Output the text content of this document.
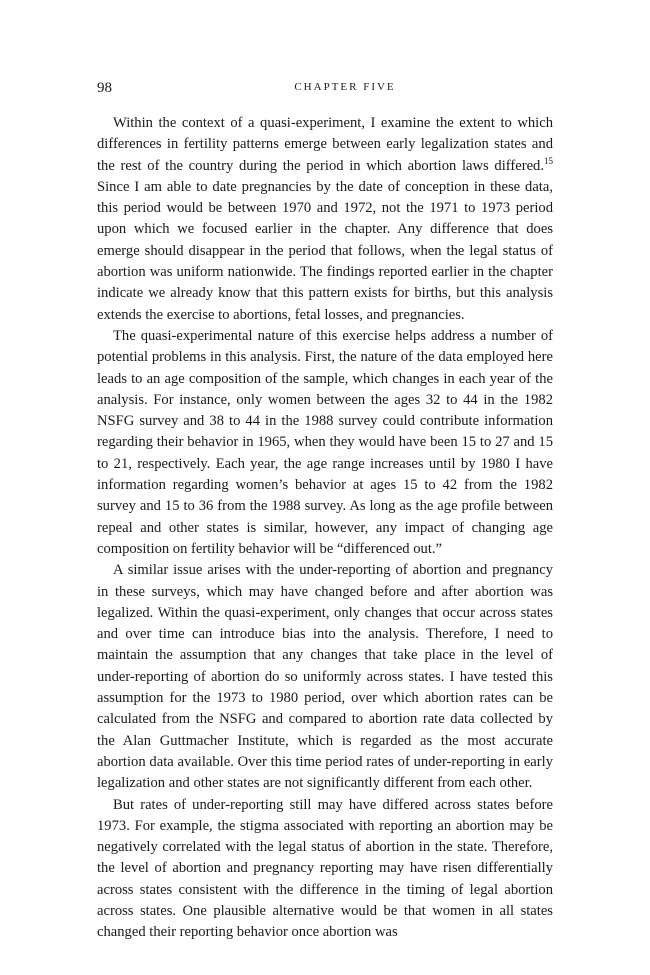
98	CHAPTER FIVE

Within the context of a quasi-experiment, I examine the extent to which differences in fertility patterns emerge between early legalization states and the rest of the country during the period in which abortion laws differed.$^{15}$ Since I am able to date pregnancies by the date of conception in these data, this period would be between 1970 and 1972, not the 1971 to 1973 period upon which we focused earlier in the chapter. Any difference that does emerge should disappear in the period that follows, when the legal status of abortion was uniform nationwide. The findings reported earlier in the chapter indicate we already know that this pattern exists for births, but this analysis extends the exercise to abortions, fetal losses, and pregnancies.

The quasi-experimental nature of this exercise helps address a number of potential problems in this analysis. First, the nature of the data employed here leads to an age composition of the sample, which changes in each year of the analysis. For instance, only women between the ages 32 to 44 in the 1982 NSFG survey and 38 to 44 in the 1988 survey could contribute information regarding their behavior in 1965, when they would have been 15 to 27 and 15 to 21, respectively. Each year, the age range increases until by 1980 I have information regarding women’s behavior at ages 15 to 42 from the 1982 survey and 15 to 36 from the 1988 survey. As long as the age profile between repeal and other states is similar, however, any impact of changing age composition on fertility behavior will be “differenced out.”

A similar issue arises with the under-reporting of abortion and pregnancy in these surveys, which may have changed before and after abortion was legalized. Within the quasi-experiment, only changes that occur across states and over time can introduce bias into the analysis. Therefore, I need to maintain the assumption that any changes that take place in the level of under-reporting of abortion do so uniformly across states. I have tested this assumption for the 1973 to 1980 period, over which abortion rates can be calculated from the NSFG and compared to abortion rate data collected by the Alan Guttmacher Institute, which is regarded as the most accurate abortion data available. Over this time period rates of under-reporting in early legalization and other states are not significantly different from each other.

But rates of under-reporting still may have differed across states before 1973. For example, the stigma associated with reporting an abortion may be negatively correlated with the legal status of abortion in the state. Therefore, the level of abortion and pregnancy reporting may have risen differentially across states consistent with the difference in the timing of legal abortion across states. One plausible alternative would be that women in all states changed their reporting behavior once abortion was
